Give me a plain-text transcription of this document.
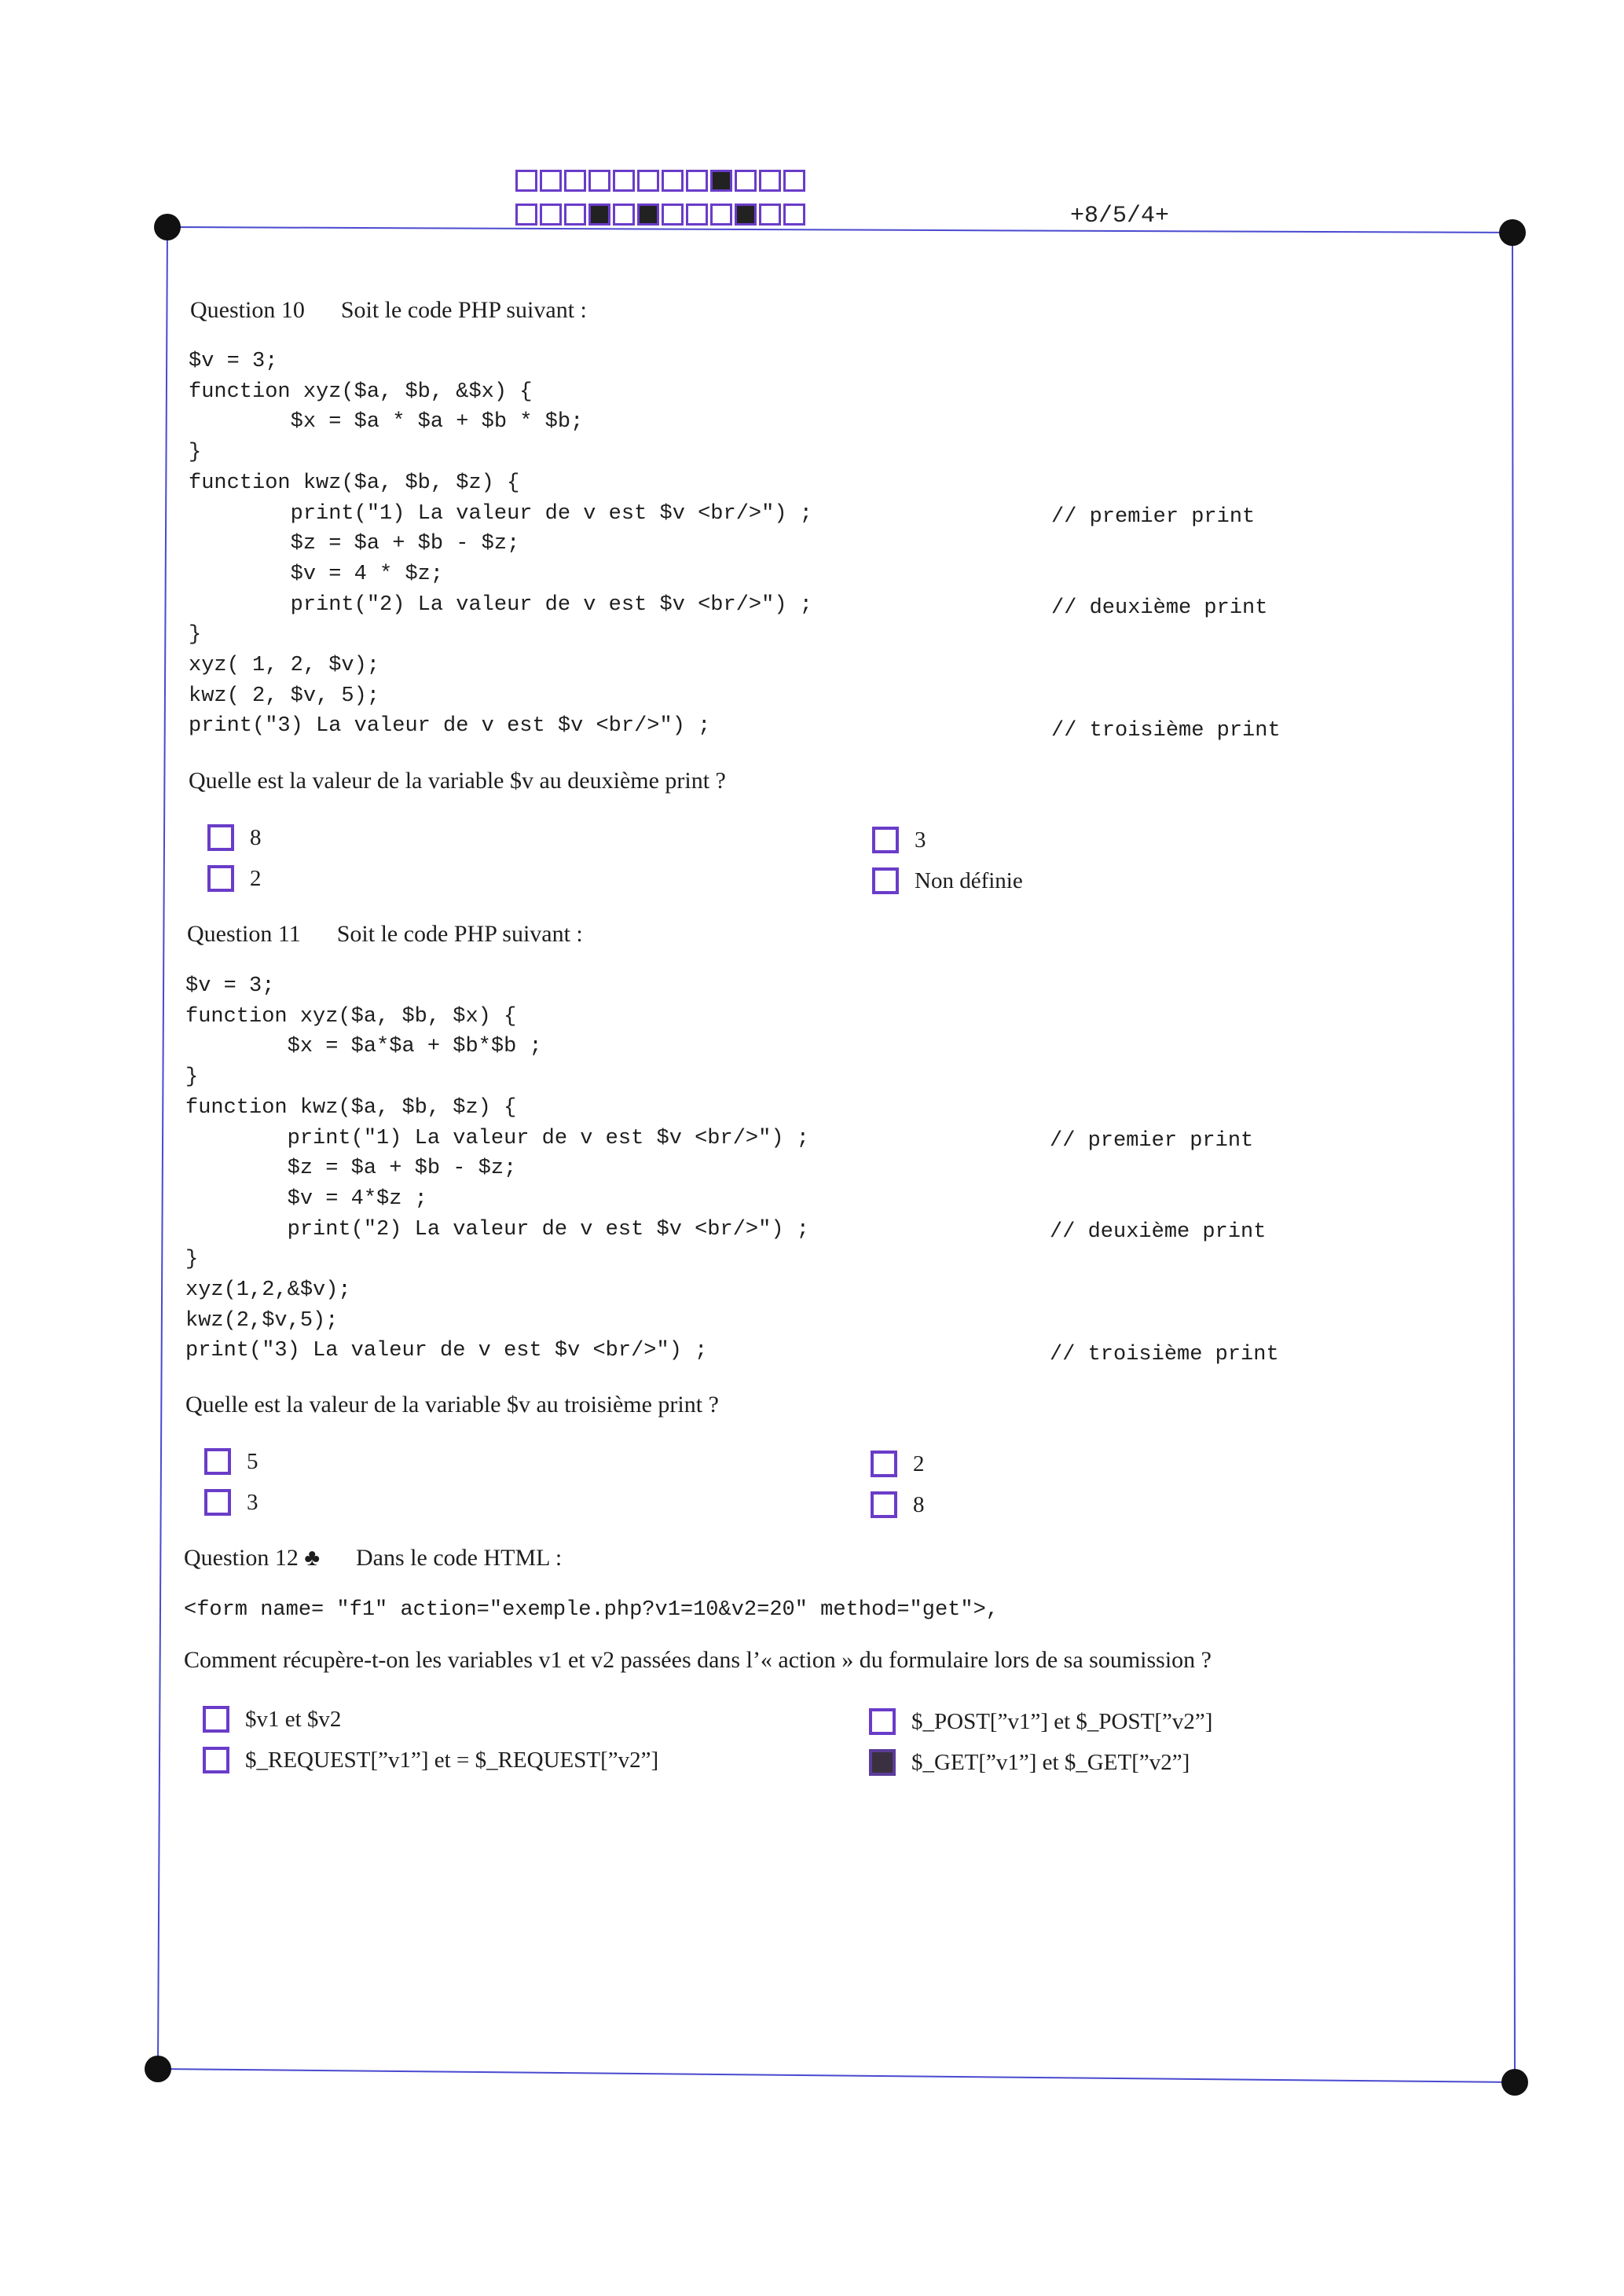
+8/5/4+
Question 10 Soit le code PHP suivant :
$v = 3;
function xyz($a, $b, &$x) {
$x = $a * $a + $b * $b;
}
function kwz($a, $b, $z) {
print("1) La valeur de v est $v <br/>") ;
$z = $a + $b - $z;
$v = 4 * $z;
print("2) La valeur de v est $v <br/>") ;
}
xyz( 1, 2, $v);
kwz( 2, $v, 5);
print("3) La valeur de v est $v <br/>") ;
// premier print
// deuxième print
// troisième print
Quelle est la valeur de la variable $v au deuxième print ?
8	3
2	Non définie
Question 11 Soit le code PHP suivant :
$v = 3;
function xyz($a, $b, $x) {
$x = $a*$a + $b*$b ;
}
function kwz($a, $b, $z) {
print("1) La valeur de v est $v <br/>") ;
$z = $a + $b - $z;
$v = 4*$z ;
print("2) La valeur de v est $v <br/>") ;
}
xyz(1,2,&$v);
kwz(2,$v,5);
print("3) La valeur de v est $v <br/>") ;
// premier print
// deuxième print
// troisième print
Quelle est la valeur de la variable $v au troisième print ?
5	2
3	8
Question 12 ♣ Dans le code HTML :
<form name= "f1" action="exemple.php?v1=10&v2=20" method="get">,
Comment récupère-t-on les variables v1 et v2 passées dans l’« action » du formulaire lors de sa soumission ?
$v1 et $v2	$_POST[”v1”] et $_POST[”v2”]
$_REQUEST[”v1”] et = $_REQUEST[”v2”]	$_GET[”v1”] et $_GET[”v2”]
